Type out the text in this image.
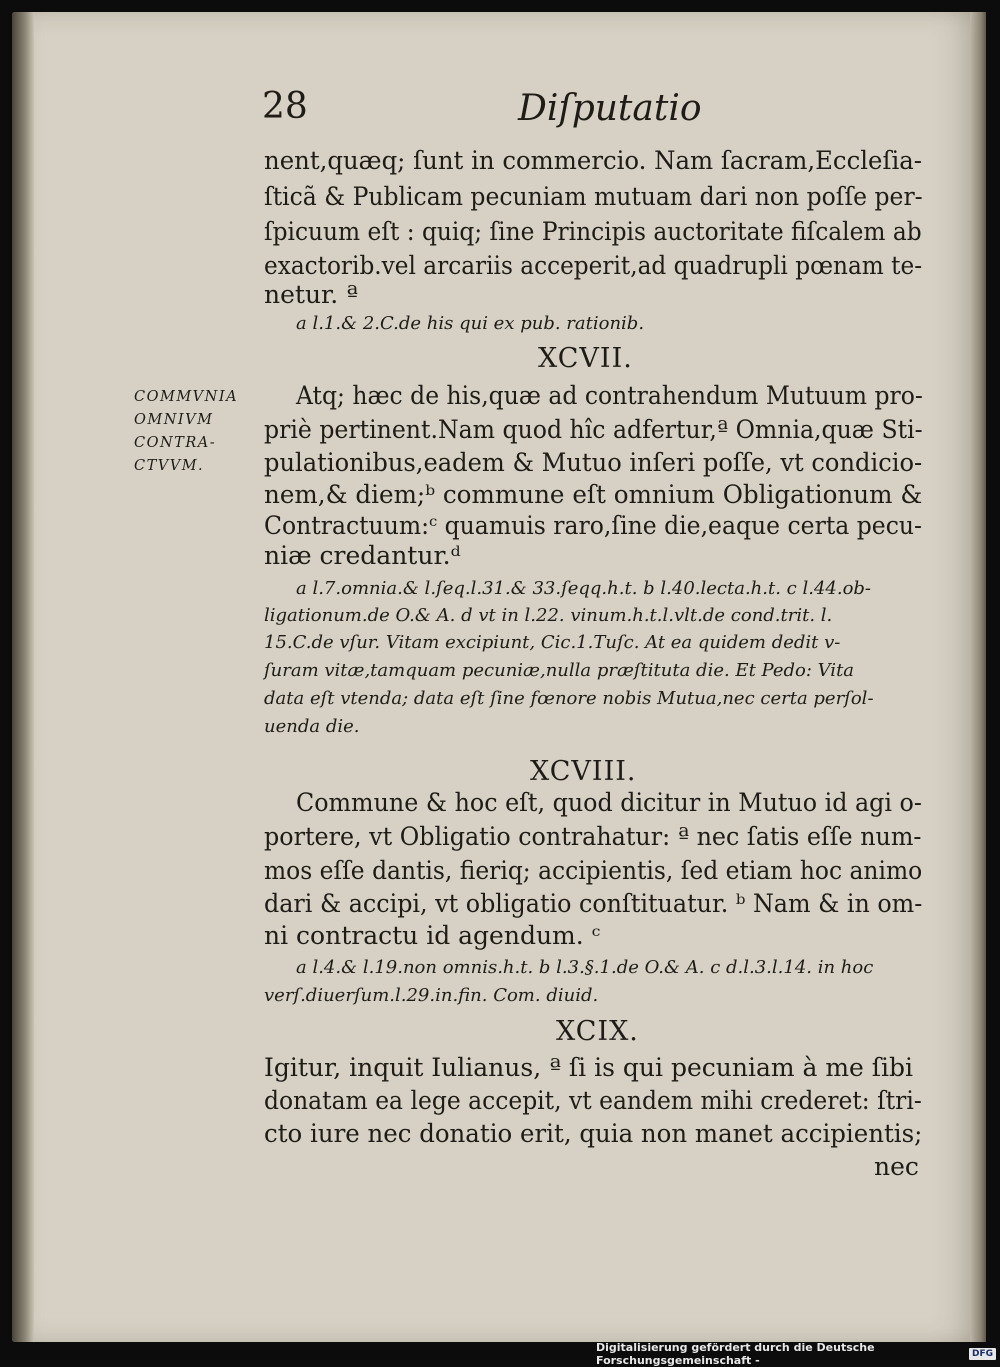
28	Diſputatio
nent,quæq; ſunt in commercio. Nam ſacram,Eccleſia-
ſticã & Publicam pecuniam mutuam dari non poſſe per-
ſpicuum eſt : quiq; ſine Principis auctoritate fiſcalem ab
exactorib.vel arcariis acceperit,ad quadrupli pœnam te-
netur. ª
a l.1.& 2.C.de his qui ex pub. rationib.
XCVII.
COMMVNIA
OMNIVM
CONTRA-
CTVVM.
Atq; hæc de his,quæ ad contrahendum Mutuum pro-
priè pertinent.Nam quod hîc adfertur,ª Omnia,quæ Sti-
pulationibus,eadem & Mutuo inſeri poſſe, vt condicio-
nem,& diem;ᵇ commune eſt omnium Obligationum &
Contractuum:ᶜ quamuis raro,ſine die,eaque certa pecu-
niæ credantur.ᵈ
a l.7.omnia.& l.ſeq.l.31.& 33.ſeqq.h.t. b l.40.lecta.h.t. c l.44.ob-
ligationum.de O.& A. d vt in l.22. vinum.h.t.l.vlt.de cond.trit. l.
15.C.de vſur. Vitam excipiunt, Cic.1.Tuſc. At ea quidem dedit v-
ſuram vitæ,tamquam pecuniæ,nulla præſtituta die. Et Pedo: Vita
data eſt vtenda; data eſt ſine fœnore nobis Mutua,nec certa perſol-
uenda die.
XCVIII.
Commune & hoc eſt, quod dicitur in Mutuo id agi o-
portere, vt Obligatio contrahatur: ª nec ſatis eſſe num-
mos eſſe dantis, fieriq; accipientis, ſed etiam hoc animo
dari & accipi, vt obligatio conſtituatur. ᵇ Nam & in om-
ni contractu id agendum. ᶜ
a l.4.& l.19.non omnis.h.t. b l.3.§.1.de O.& A. c d.l.3.l.14. in hoc
verſ.diuerſum.l.29.in.fin. Com. diuid.
XCIX.
Igitur, inquit Iulianus, ª ſi is qui pecuniam à me ſibi
donatam ea lege accepit, vt eandem mihi crederet: ſtri-
cto iure nec donatio erit, quia non manet accipientis;
nec
Digitalisierung gefördert durch die Deutsche Forschungsgemeinschaft -	DFG
